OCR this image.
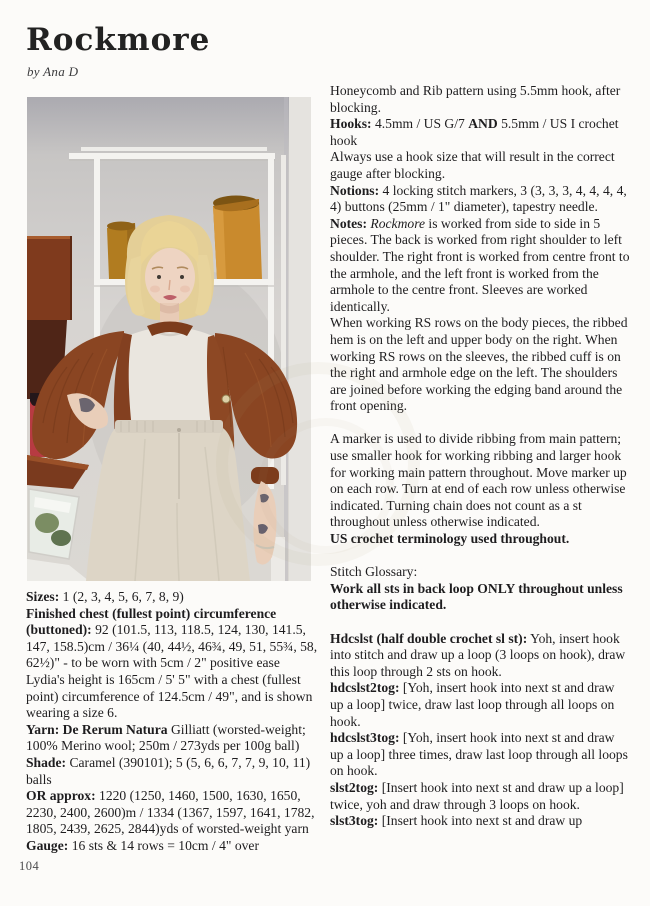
Rockmore
by Ana D

Sizes: 1 (2, 3, 4, 5, 6, 7, 8, 9)

Finished chest (fullest point) circumference (buttoned): 92 (101.5, 113, 118.5, 124, 130, 141.5, 147, 158.5)cm / 36¼ (40, 44½, 46¾, 49, 51, 55¾, 58, 62½)" - to be worn with 5cm / 2" positive ease

Lydia's height is 165cm / 5' 5" with a chest (fullest point) circumference of 124.5cm / 49", and is shown wearing a size 6.

Yarn: De Rerum Natura Gilliatt (worsted-weight; 100% Merino wool; 250m / 273yds per 100g ball)

Shade: Caramel (390101); 5 (5, 6, 6, 7, 7, 9, 10, 11) balls

OR approx: 1220 (1250, 1460, 1500, 1630, 1650, 2230, 2400, 2600)m / 1334 (1367, 1597, 1641, 1782, 1805, 2439, 2625, 2844)yds of worsted-weight yarn

Gauge: 16 sts & 14 rows = 10cm / 4" over

Honeycomb and Rib pattern using 5.5mm hook, after blocking.

Hooks: 4.5mm / US G/7 AND 5.5mm / US I crochet hook

Always use a hook size that will result in the correct gauge after blocking.

Notions: 4 locking stitch markers, 3 (3, 3, 3, 4, 4, 4, 4, 4) buttons (25mm / 1" diameter), tapestry needle.

Notes: Rockmore is worked from side to side in 5 pieces. The back is worked from right shoulder to left shoulder. The right front is worked from centre front to the armhole, and the left front is worked from the armhole to the centre front. Sleeves are worked identically.

When working RS rows on the body pieces, the ribbed hem is on the left and upper body on the right. When working RS rows on the sleeves, the ribbed cuff is on the right and armhole edge on the left. The shoulders are joined before working the edging band around the front opening.

A marker is used to divide ribbing from main pattern; use smaller hook for working ribbing and larger hook for working main pattern throughout. Move marker up on each row. Turn at end of each row unless otherwise indicated. Turning chain does not count as a st throughout unless otherwise indicated.

US crochet terminology used throughout.

Stitch Glossary:

Work all sts in back loop ONLY throughout unless otherwise indicated.

Hdcslst (half double crochet sl st): Yoh, insert hook into stitch and draw up a loop (3 loops on hook), draw this loop through 2 sts on hook.

hdcslst2tog: [Yoh, insert hook into next st and draw up a loop] twice, draw last loop through all loops on hook.

hdcslst3tog: [Yoh, insert hook into next st and draw up a loop] three times, draw last loop through all loops on hook.

slst2tog: [Insert hook into next st and draw up a loop] twice, yoh and draw through 3 loops on hook.

slst3tog: [Insert hook into next st and draw up

104
